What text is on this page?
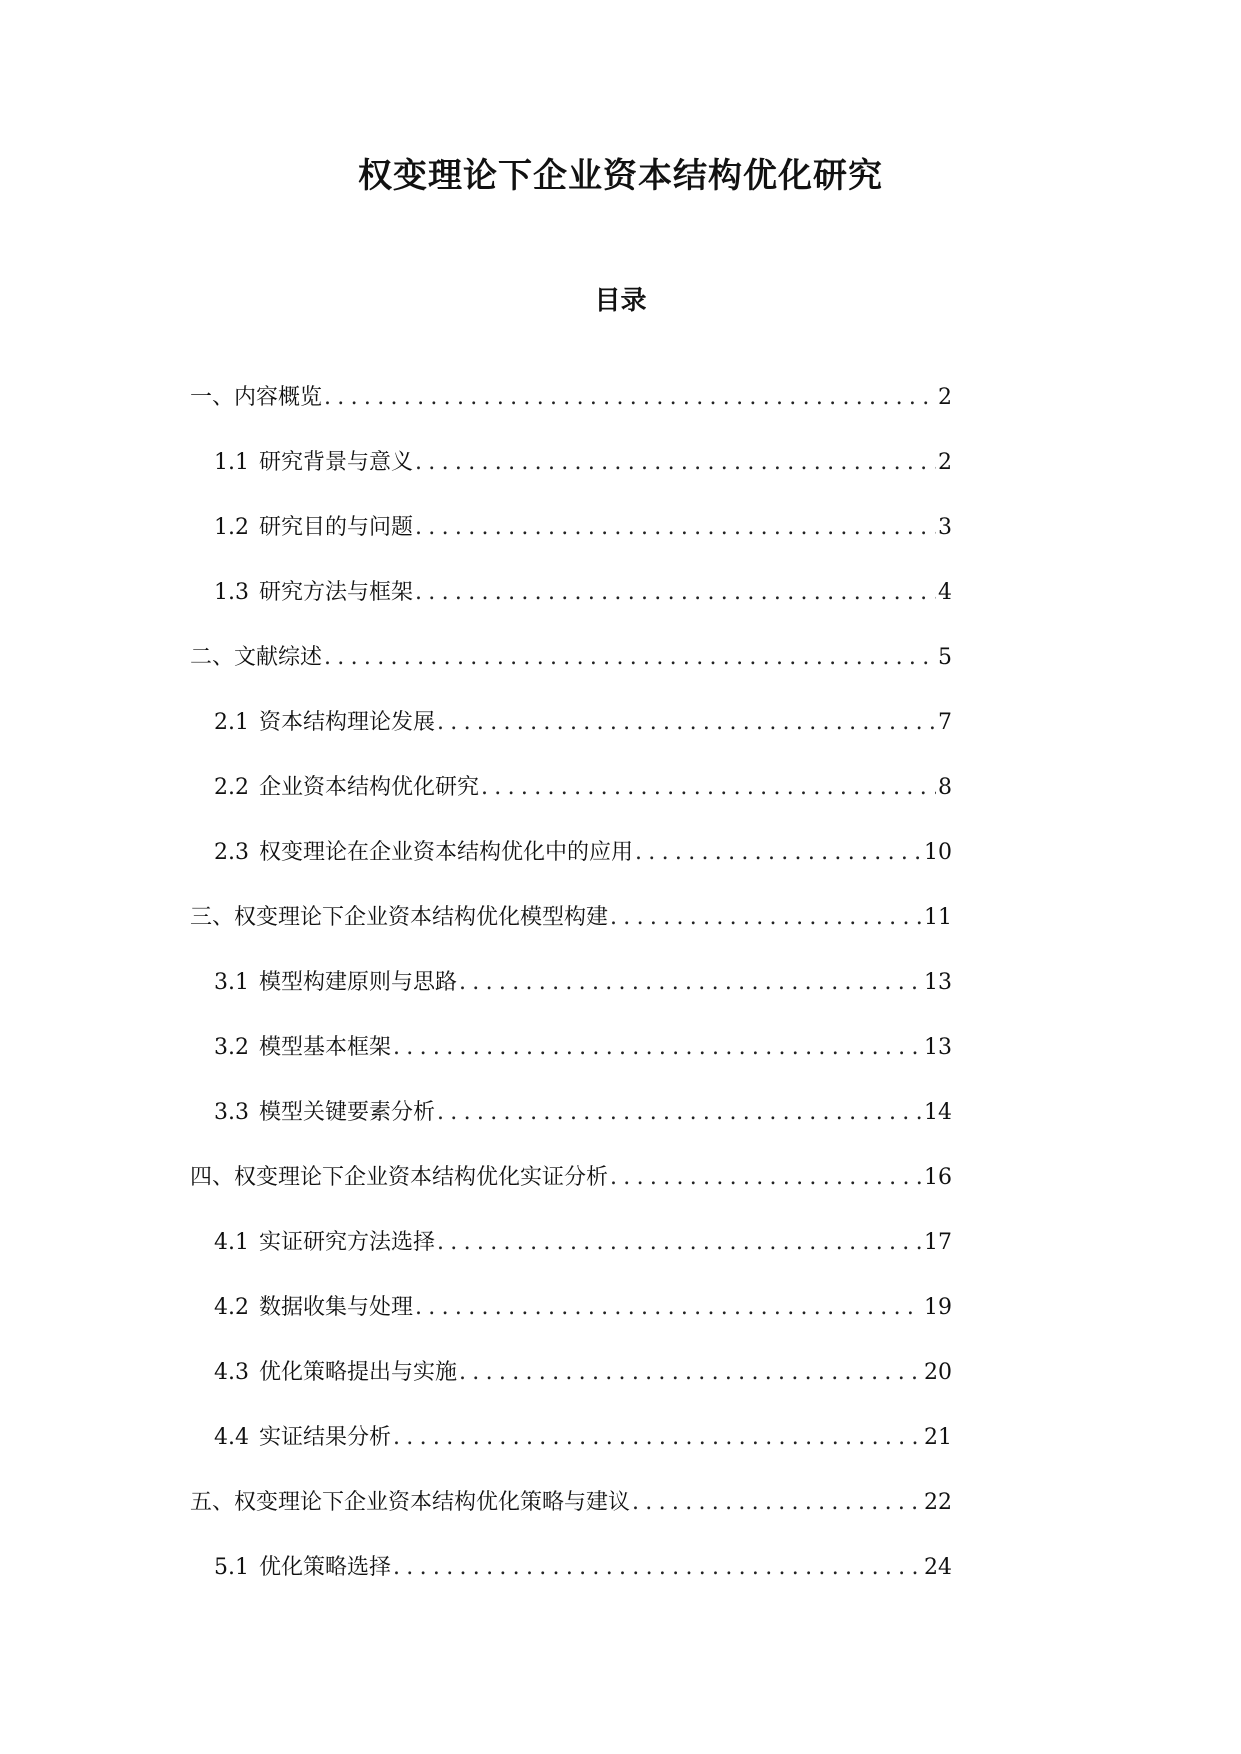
权变理论下企业资本结构优化研究
目录
一、内容概览 .....	2
1.1 研究背景与意义 .....	2
1.2 研究目的与问题 .....	3
1.3 研究方法与框架 .....	4
二、文献综述 .....	5
2.1 资本结构理论发展 .....	7
2.2 企业资本结构优化研究 .....	8
2.3 权变理论在企业资本结构优化中的应用 .....	10
三、权变理论下企业资本结构优化模型构建 .....	11
3.1 模型构建原则与思路 .....	13
3.2 模型基本框架 .....	13
3.3 模型关键要素分析 .....	14
四、权变理论下企业资本结构优化实证分析 .....	16
4.1 实证研究方法选择 .....	17
4.2 数据收集与处理 .....	19
4.3 优化策略提出与实施 .....	20
4.4 实证结果分析 .....	21
五、权变理论下企业资本结构优化策略与建议 .....	22
5.1 优化策略选择 .....	24
